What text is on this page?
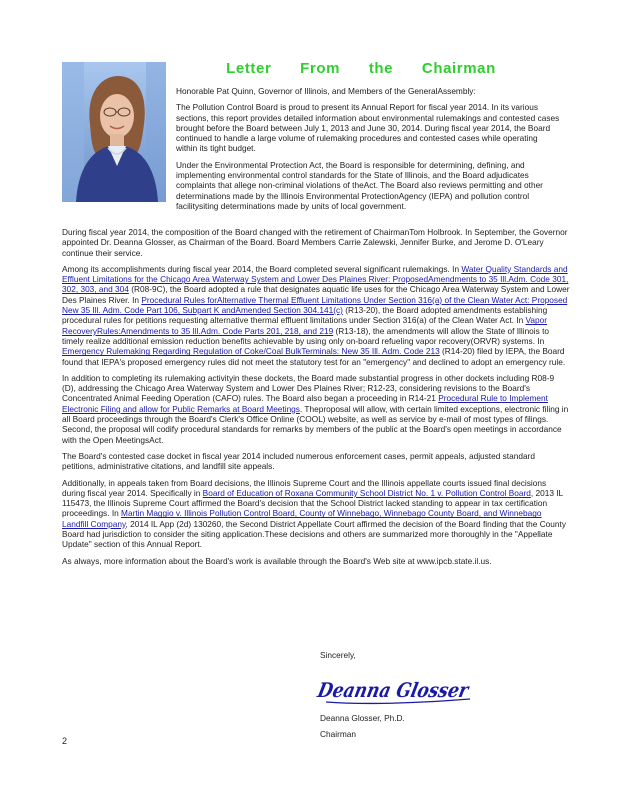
Letter From the Chairman

Honorable Pat Quinn, Governor of Illinois, and Members of the GeneralAssembly:

The Pollution Control Board is proud to present its Annual Report for fiscal year 2014. In its various sections, this report provides detailed information about environmental rulemakings and contested cases brought before the Board between July 1, 2013 and June 30, 2014. During fiscal year 2014, the Board continued to handle a large volume of rulemaking procedures and contested cases while operating within its tight budget.

Under the Environmental Protection Act, the Board is responsible for determining, defining, and implementing environmental control standards for the State of Illinois, and the Board adjudicates complaints that allege non-criminal violations of theAct. The Board also reviews permitting and other determinations made by the Illinois Environmental ProtectionAgency (IEPA) and pollution control facilitysiting determinations made by units of local government.

During fiscal year 2014, the composition of the Board changed with the retirement of ChairmanTom Holbrook. In September, the Governor appointed Dr. Deanna Glosser, as Chairman of the Board. Board Members Carrie Zalewski, Jennifer Burke, and Jerome D. O'Leary continue their service.

Among its accomplishments during fiscal year 2014, the Board completed several significant rulemakings. In Water Quality Standards and Effluent Limitations for the Chicago Area Waterway System and Lower Des Plaines River: ProposedAmendments to 35 Ill.Adm. Code 301, 302, 303, and 304 (R08-9C), the Board adopted a rule that designates aquatic life uses for the Chicago Area Waterway System and Lower Des Plaines River. In Procedural Rules forAlternative Thermal Effluent Limitations Under Section 316(a) of the Clean Water Act: Proposed New 35 Ill. Adm. Code Part 106, Subpart K andAmended Section 304.141(c) (R13-20), the Board adopted amendments establishing procedural rules for petitions requesting alternative thermal effluent limitations under Section 316(a) of the Clean Water Act. In Vapor RecoveryRules:Amendments to 35 Ill.Adm. Code Parts 201, 218, and 219 (R13-18), the amendments will allow the State of Illinois to timely realize additional emission reduction benefits achievable by using only on-board refueling vapor recovery(ORVR) systems. In Emergency Rulemaking Regarding Regulation of Coke/Coal BulkTerminals: New 35 Ill. Adm. Code 213 (R14-20) filed by IEPA, the Board found that IEPA's proposed emergency rules did not meet the statutory test for an "emergency" and declined to adopt an emergency rule.

In addition to completing its rulemaking activityin these dockets, the Board made substantial progress in other dockets including R08-9 (D), addressing the Chicago Area Waterway System and Lower Des Plaines River; R12-23, considering revisions to the Board's Concentrated Animal Feeding Operation (CAFO) rules. The Board also began a proceeding in R14-21 Procedural Rule to Implement Electronic Filing and allow for Public Remarks at Board Meetings. Theproposal will allow, with certain limited exceptions, electronic filing in all Board proceedings through the Board's Clerk's Office Online (COOL) website, as well as service by e-mail of most types of filings. Second, the proposal will codify procedural standards for remarks by members of the public at the Board's open meetings in accordance with the Open MeetingsAct.

The Board's contested case docket in fiscal year 2014 included numerous enforcement cases, permit appeals, adjusted standard petitions, administrative citations, and landfill site appeals.

Additionally, in appeals taken from Board decisions, the Illinois Supreme Court and the Illinois appellate courts issued final decisions during fiscal year 2014. Specifically in Board of Education of Roxana Community School District No. 1 v. Pollution Control Board, 2013 IL 115473, the Illinois Supreme Court affirmed the Board's decision that the School District lacked standing to appear in tax certification proceedings. In Martin Maggio v. Illinois Pollution Control Board, County of Winnebago, Winnebago County Board, and Winnebago Landfill Company, 2014 IL App (2d) 130260, the Second District Appellate Court affirmed the decision of the Board finding that the County Board had jurisdiction to consider the siting application.These decisions and others are summarized more thoroughly in the "Appellate Update" section of this Annual Report.

As always, more information about the Board's work is available through the Board's Web site at www.ipcb.state.il.us.

Sincerely,

Deanna Glosser

Deanna Glosser, Ph.D.

Chairman

2
